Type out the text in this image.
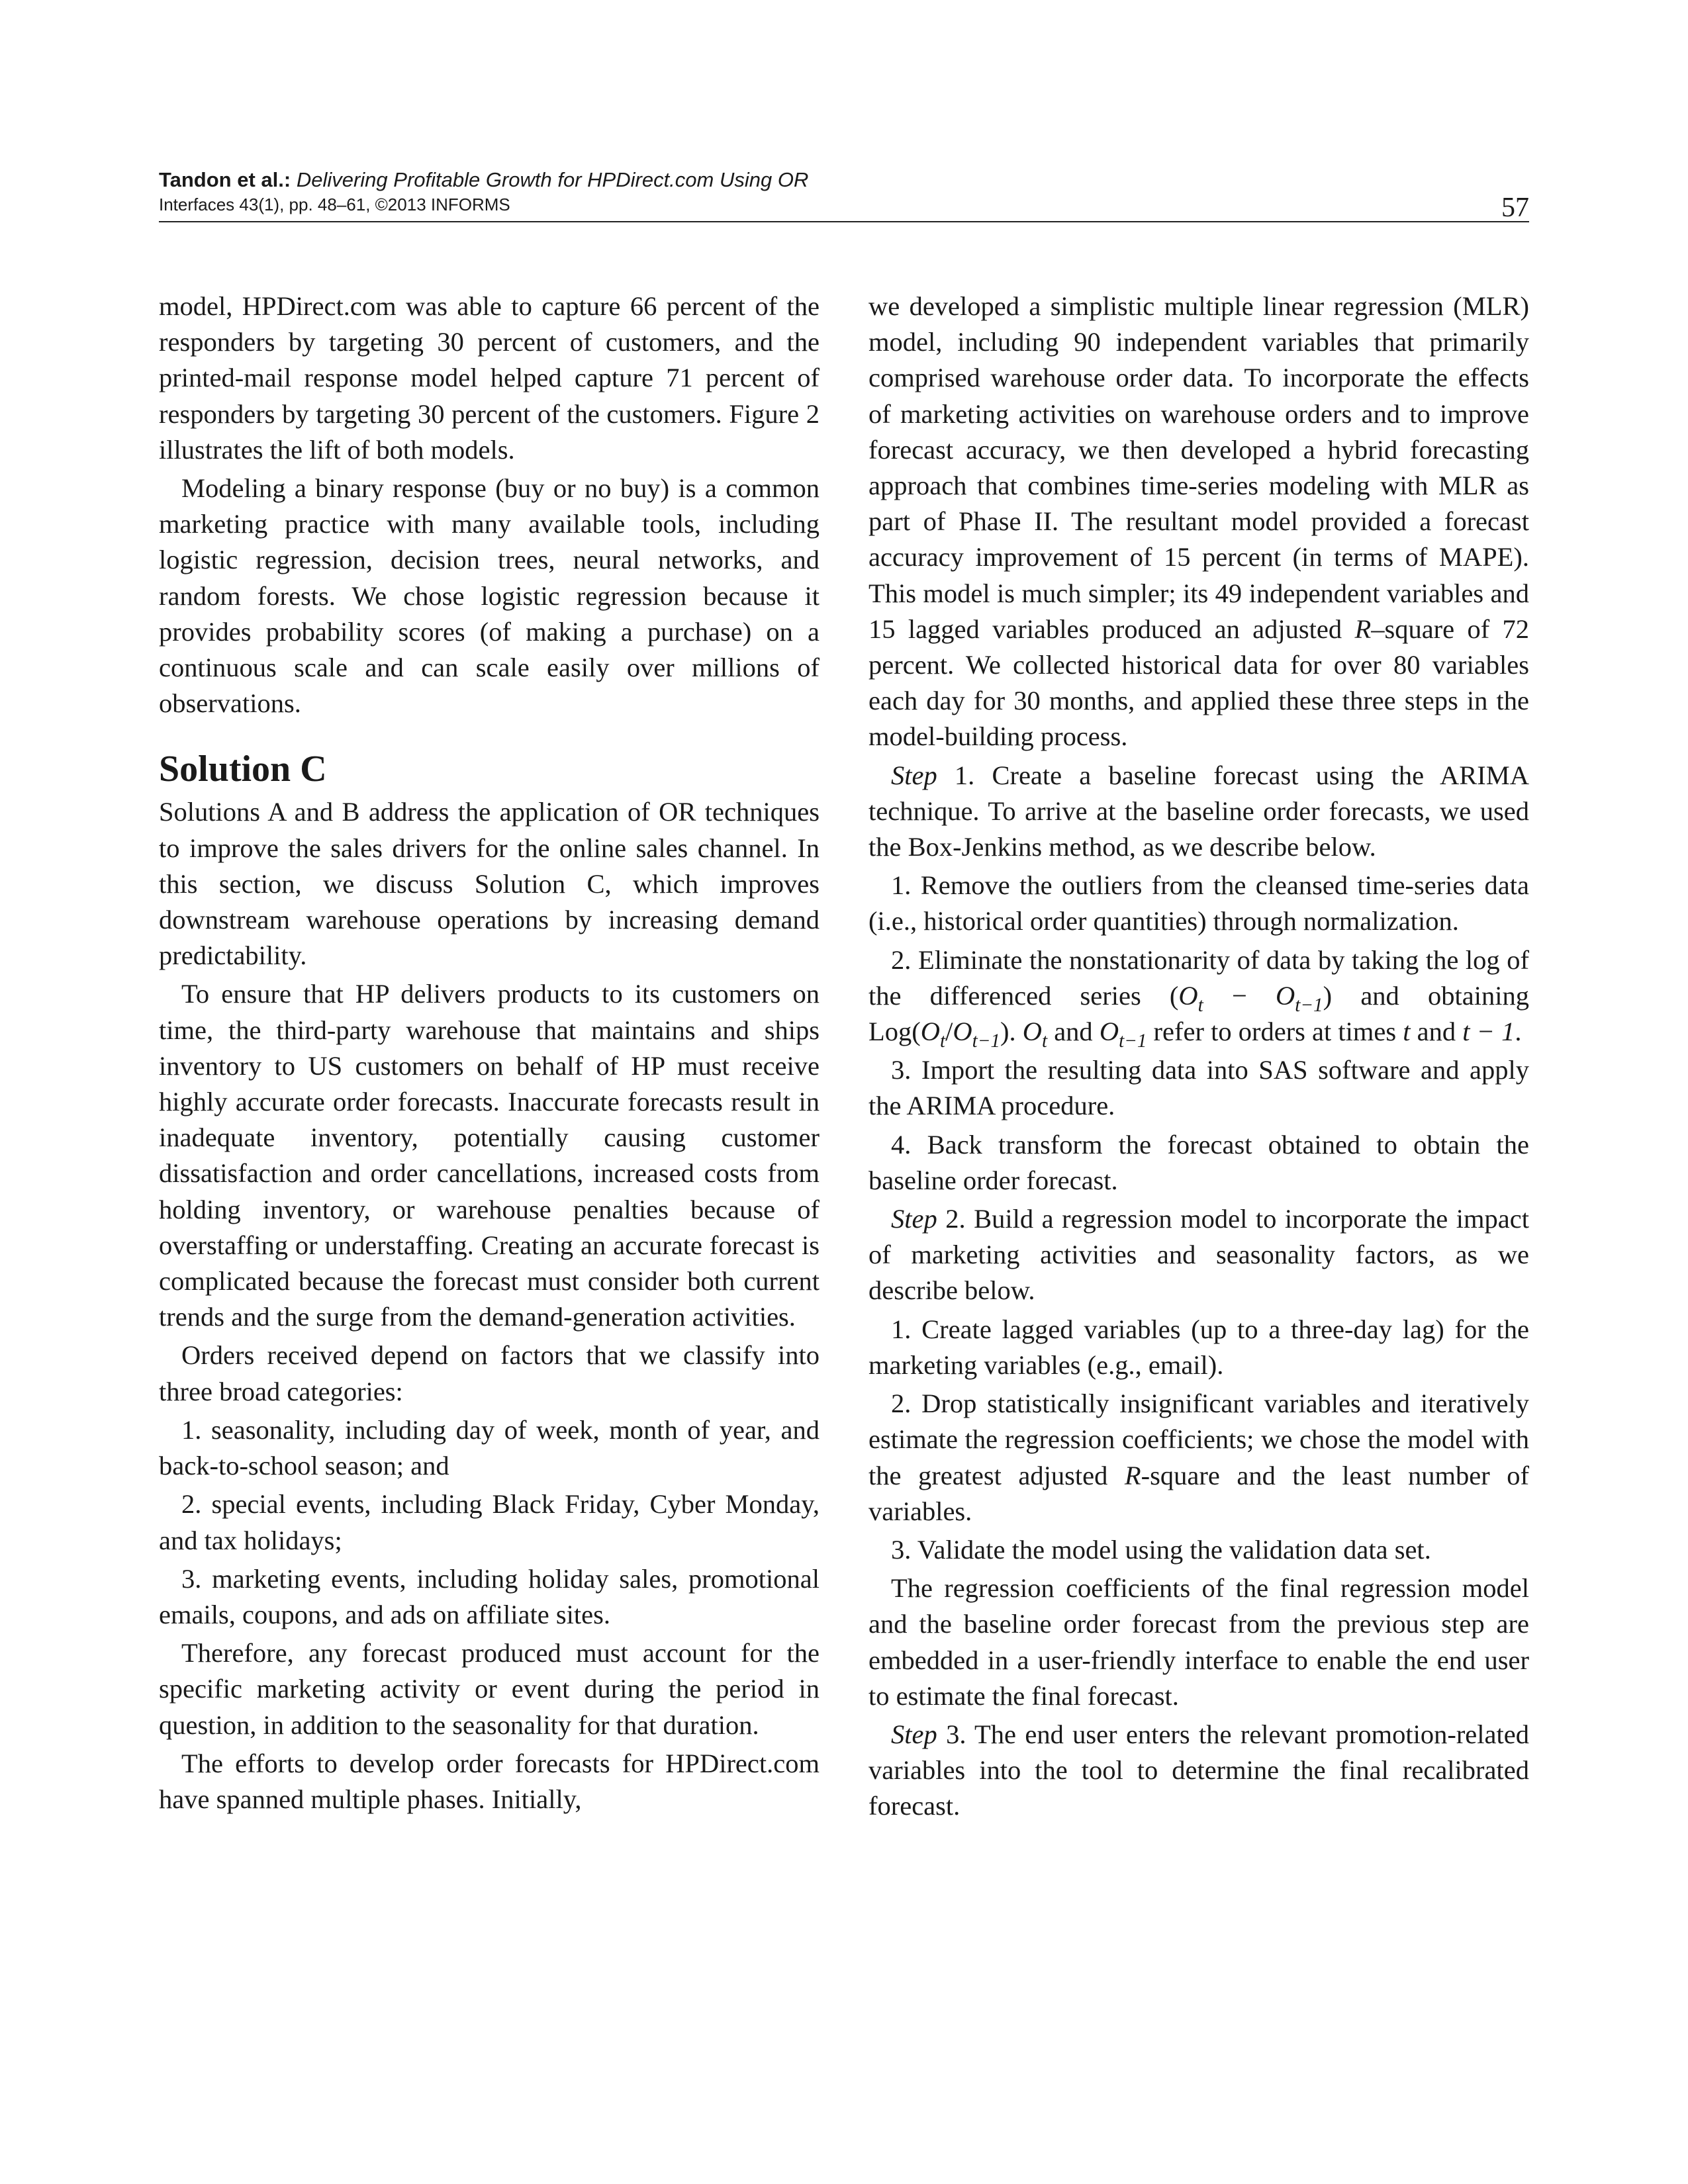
Tandon et al.: Delivering Profitable Growth for HPDirect.com Using OR
Interfaces 43(1), pp. 48–61, ©2013 INFORMS	57

model, HPDirect.com was able to capture 66 percent of the responders by targeting 30 percent of customers, and the printed-mail response model helped capture 71 percent of responders by targeting 30 percent of the customers. Figure 2 illustrates the lift of both models.

Modeling a binary response (buy or no buy) is a common marketing practice with many available tools, including logistic regression, decision trees, neural networks, and random forests. We chose logistic regression because it provides probability scores (of making a purchase) on a continuous scale and can scale easily over millions of observations.

Solution C

Solutions A and B address the application of OR techniques to improve the sales drivers for the online sales channel. In this section, we discuss Solution C, which improves downstream warehouse operations by increasing demand predictability.

To ensure that HP delivers products to its customers on time, the third-party warehouse that maintains and ships inventory to US customers on behalf of HP must receive highly accurate order forecasts. Inaccurate forecasts result in inadequate inventory, potentially causing customer dissatisfaction and order cancellations, increased costs from holding inventory, or warehouse penalties because of overstaffing or understaffing. Creating an accurate forecast is complicated because the forecast must consider both current trends and the surge from the demand-generation activities.

Orders received depend on factors that we classify into three broad categories:

1. seasonality, including day of week, month of year, and back-to-school season; and

2. special events, including Black Friday, Cyber Monday, and tax holidays;

3. marketing events, including holiday sales, promotional emails, coupons, and ads on affiliate sites.

Therefore, any forecast produced must account for the specific marketing activity or event during the period in question, in addition to the seasonality for that duration.

The efforts to develop order forecasts for HPDirect.com have spanned multiple phases. Initially,

we developed a simplistic multiple linear regression (MLR) model, including 90 independent variables that primarily comprised warehouse order data. To incorporate the effects of marketing activities on warehouse orders and to improve forecast accuracy, we then developed a hybrid forecasting approach that combines time-series modeling with MLR as part of Phase II. The resultant model provided a forecast accuracy improvement of 15 percent (in terms of MAPE). This model is much simpler; its 49 independent variables and 15 lagged variables produced an adjusted R–square of 72 percent. We collected historical data for over 80 variables each day for 30 months, and applied these three steps in the model-building process.

Step 1. Create a baseline forecast using the ARIMA technique. To arrive at the baseline order forecasts, we used the Box-Jenkins method, as we describe below.

1. Remove the outliers from the cleansed time-series data (i.e., historical order quantities) through normalization.

2. Eliminate the nonstationarity of data by taking the log of the differenced series $(O_t - O_{t-1})$ and obtaining $Log(O_t/O_{t-1})$. $O_t$ and $O_{t-1}$ refer to orders at times t and t − 1.

3. Import the resulting data into SAS software and apply the ARIMA procedure.

4. Back transform the forecast obtained to obtain the baseline order forecast.

Step 2. Build a regression model to incorporate the impact of marketing activities and seasonality factors, as we describe below.

1. Create lagged variables (up to a three-day lag) for the marketing variables (e.g., email).

2. Drop statistically insignificant variables and iteratively estimate the regression coefficients; we chose the model with the greatest adjusted R-square and the least number of variables.

3. Validate the model using the validation data set.

The regression coefficients of the final regression model and the baseline order forecast from the previous step are embedded in a user-friendly interface to enable the end user to estimate the final forecast.

Step 3. The end user enters the relevant promotion-related variables into the tool to determine the final recalibrated forecast.
